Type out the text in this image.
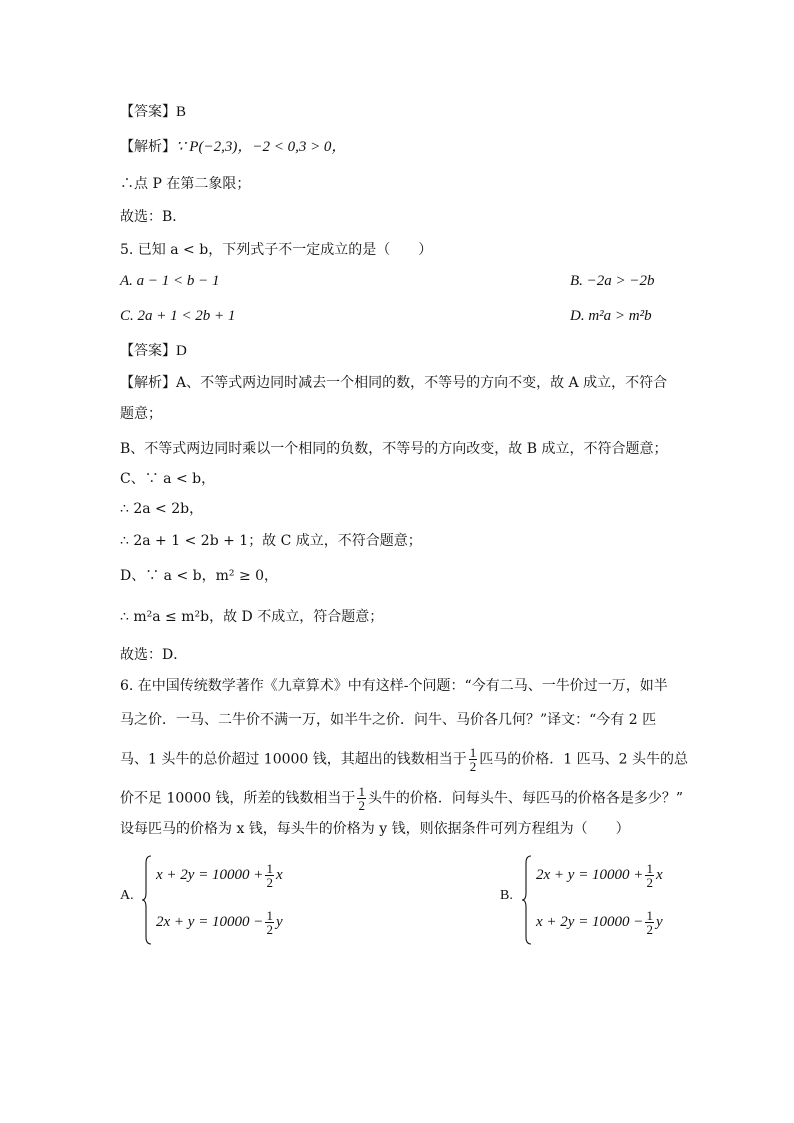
【答案】B
【解析】∵ P(−2,3)，−2 < 0,3 > 0，
∴点 P 在第二象限；
故选：B．
5. 已知 a < b，下列式子不一定成立的是（　　）
A. a − 1 < b − 1	B. −2a > −2b
C. 2a + 1 < 2b + 1	D. m²a > m²b
【答案】D
【解析】A、不等式两边同时减去一个相同的数，不等号的方向不变，故 A 成立，不符合
题意；
B、不等式两边同时乘以一个相同的负数，不等号的方向改变，故 B 成立，不符合题意；
C、∵ a < b，
∴ 2a < 2b，
∴ 2a + 1 < 2b + 1；故 C 成立，不符合题意；
D、∵ a < b，m² ≥ 0，
∴ m²a ≤ m²b，故 D 不成立，符合题意；
故选：D．
6. 在中国传统数学著作《九章算术》中有这样-个问题：“今有二马、一牛价过一万，如半
马之价．一马、二牛价不满一万，如半牛之价．问牛、马价各几何？”译文：“今有 2 匹
马、1 头牛的总价超过 10000 钱，其超出的钱数相当于 $\frac{1}{2}$ 匹马的价格．1 匹马、2 头牛的总
价不足 10000 钱，所差的钱数相当于 $\frac{1}{2}$ 头牛的价格．问每头牛、每匹马的价格各是多少？”
设每匹马的价格为 x 钱，每头牛的价格为 y 钱，则依据条件可列方程组为（　　）
A.
$x + 2y = 10000 + \frac{1}{2}$ x
$2x + y = 10000 - \frac{1}{2}$ y
B.
$2x + y = 10000 + \frac{1}{2}$ x
$x + 2y = 10000 - \frac{1}{2}$ y
